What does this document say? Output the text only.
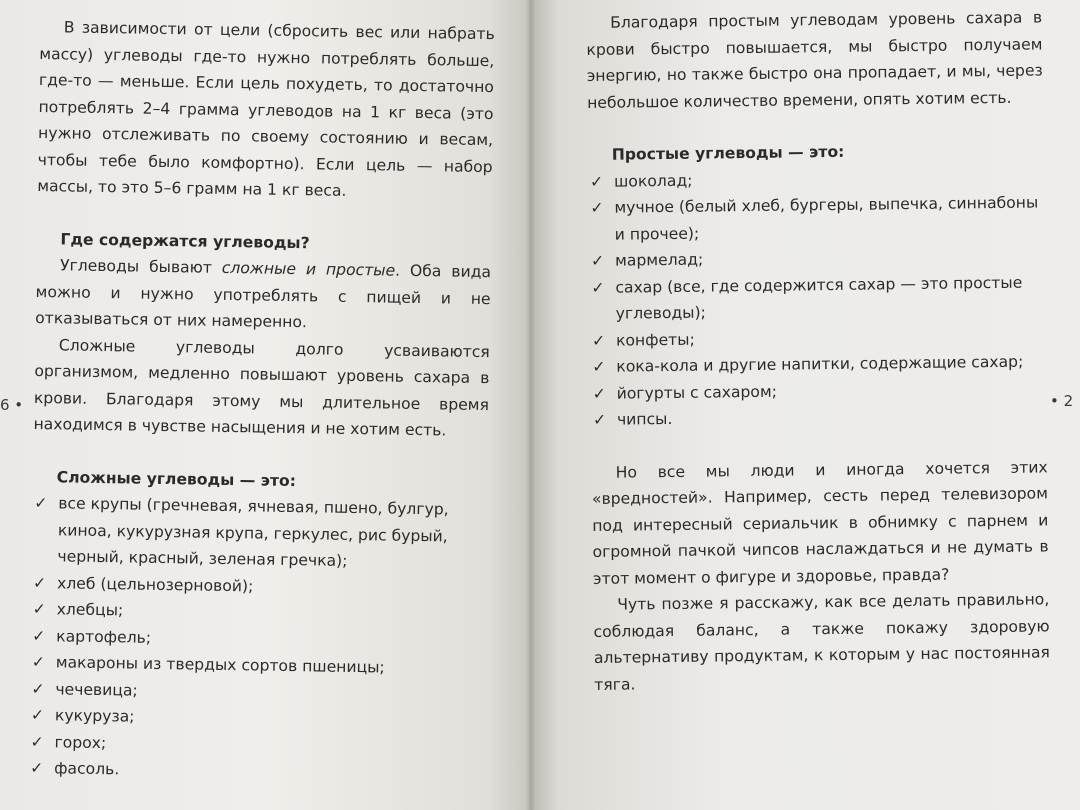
В зависимости от цели (сбросить вес или набрать массу) углеводы где-то нужно потреблять больше, где-то — меньше. Если цель похудеть, то достаточно потреблять 2–4 грамма углеводов на 1 кг веса (это нужно отслеживать по своему состоянию и весам, чтобы тебе было комфортно). Если цель — набор массы, то это 5–6 грамм на 1 кг веса.

Где содержатся углеводы?

Углеводы бывают сложные и простые. Оба вида можно и нужно употреблять с пищей и не отказываться от них намеренно.

Сложные углеводы долго усваиваются организмом, медленно повышают уровень сахара в крови. Благодаря этому мы длительное время находимся в чувстве насыщения и не хотим есть.

Сложные углеводы — это:

✓ все крупы (гречневая, ячневая, пшено, булгур, киноа, кукурузная крупа, геркулес, рис бурый, черный, красный, зеленая гречка);
✓ хлеб (цельнозерновой);
✓ хлебцы;
✓ картофель;
✓ макароны из твердых сортов пшеницы;
✓ чечевица;
✓ кукуруза;
✓ горох;
✓ фасоль.
6 •

Благодаря простым углеводам уровень сахара в крови быстро повышается, мы быстро получаем энергию, но также быстро она пропадает, и мы, через небольшое количество времени, опять хотим есть.

Простые углеводы — это:

✓ шоколад;
✓ мучное (белый хлеб, бургеры, выпечка, синнабоны и прочее);
✓ мармелад;
✓ сахар (все, где содержится сахар — это простые углеводы);
✓ конфеты;
✓ кока-кола и другие напитки, содержащие сахар;
✓ йогурты с сахаром;
✓ чипсы.

Но все мы люди и иногда хочется этих «вредностей». Например, сесть перед телевизором под интересный сериальчик в обнимку с парнем и огромной пачкой чипсов наслаждаться и не думать в этот момент о фигуре и здоровье, правда?

Чуть позже я расскажу, как все делать правильно, соблюдая баланс, а также покажу здоровую альтернативу продуктам, к которым у нас постоянная тяга.

• 2
